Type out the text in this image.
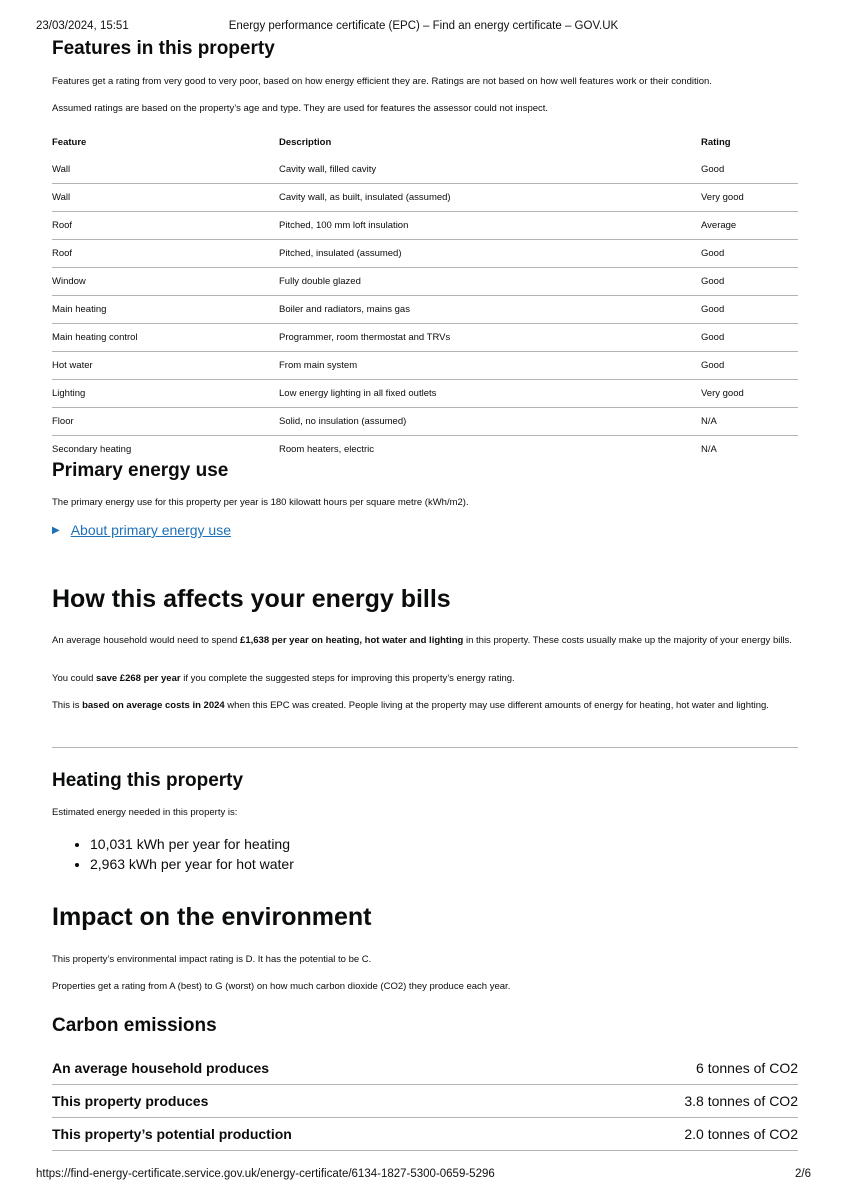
23/03/2024, 15:51	Energy performance certificate (EPC) – Find an energy certificate – GOV.UK
Features in this property

Features get a rating from very good to very poor, based on how energy efficient they are. Ratings are not based on how well features work or their condition.

Assumed ratings are based on the property’s age and type. They are used for features the assessor could not inspect.

Feature	Description	Rating
Wall	Cavity wall, filled cavity	Good
Wall	Cavity wall, as built, insulated (assumed)	Very good
Roof	Pitched, 100 mm loft insulation	Average
Roof	Pitched, insulated (assumed)	Good
Window	Fully double glazed	Good
Main heating	Boiler and radiators, mains gas	Good
Main heating control	Programmer, room thermostat and TRVs	Good
Hot water	From main system	Good
Lighting	Low energy lighting in all fixed outlets	Very good
Floor	Solid, no insulation (assumed)	N/A
Secondary heating	Room heaters, electric	N/A
Primary energy use

The primary energy use for this property per year is 180 kilowatt hours per square metre (kWh/m2).

▶ About primary energy use
How this affects your energy bills

An average household would need to spend £1,638 per year on heating, hot water and lighting in this property. These costs usually make up the majority of your energy bills.

You could save £268 per year if you complete the suggested steps for improving this property’s energy rating.

This is based on average costs in 2024 when this EPC was created. People living at the property may use different amounts of energy for heating, hot water and lighting.

Heating this property

Estimated energy needed in this property is:

• 10,031 kWh per year for heating
• 2,963 kWh per year for hot water
Impact on the environment

This property’s environmental impact rating is D. It has the potential to be C.

Properties get a rating from A (best) to G (worst) on how much carbon dioxide (CO2) they produce each year.

Carbon emissions
An average household produces	6 tonnes of CO2
This property produces	3.8 tonnes of CO2
This property’s potential production	2.0 tonnes of CO2
https://find-energy-certificate.service.gov.uk/energy-certificate/6134-1827-5300-0659-5296	2/6
